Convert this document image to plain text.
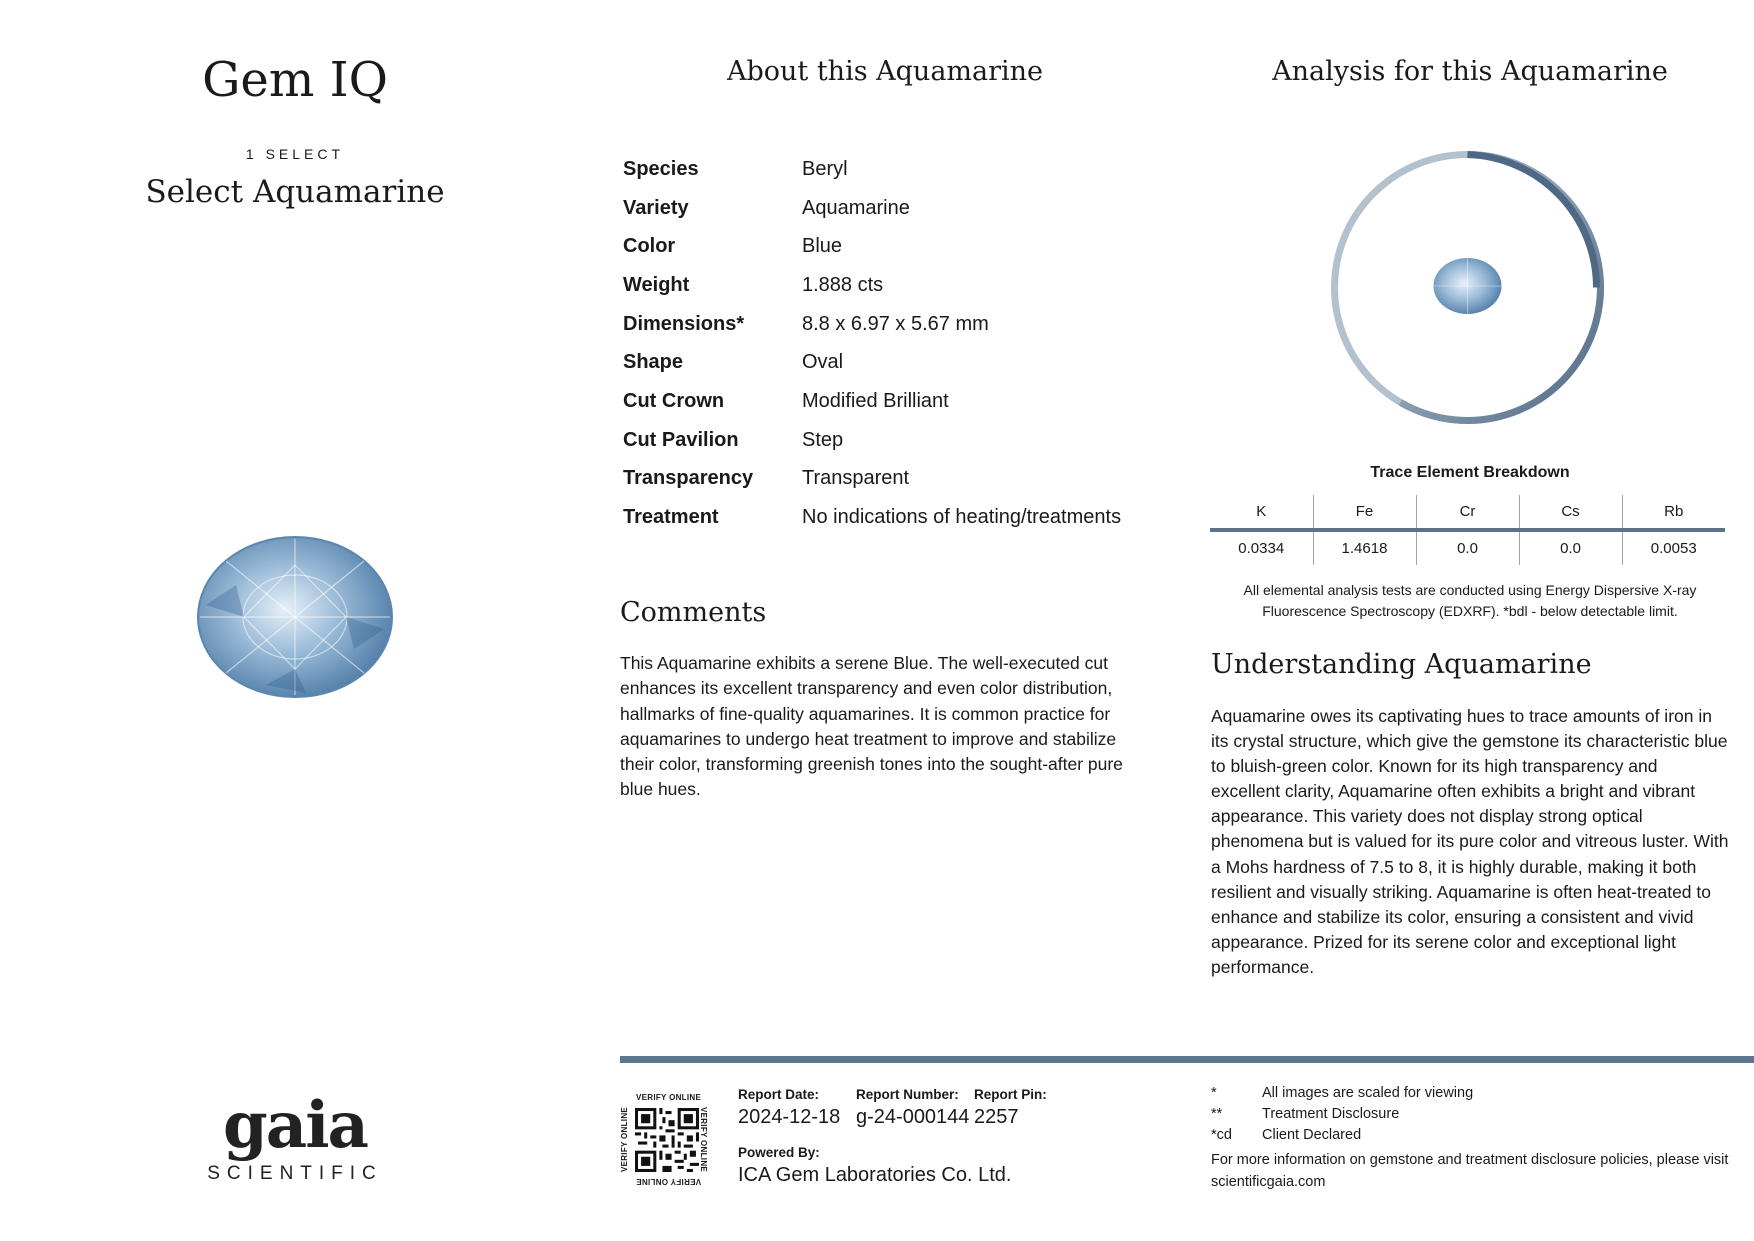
Gem IQ
1 SELECT
Select Aquamarine
gaia
SCIENTIFIC
About this Aquamarine
Species	Beryl
Variety	Aquamarine
Color	Blue
Weight	1.888 cts
Dimensions*	8.8 x 6.97 x 5.67 mm
Shape	Oval
Cut Crown	Modified Brilliant
Cut Pavilion	Step
Transparency	Transparent
Treatment	No indications of heating/treatments
Comments
This Aquamarine exhibits a serene Blue. The well-executed cut enhances its excellent transparency and even color distribution, hallmarks of fine-quality aquamarines. It is common practice for aquamarines to undergo heat treatment to improve and stabilize their color, transforming greenish tones into the sought-after pure blue hues.
Analysis for this Aquamarine
Trace Element Breakdown
K	Fe	Cr	Cs	Rb
0.0334	1.4618	0.0	0.0	0.0053
All elemental analysis tests are conducted using Energy Dispersive X-ray Fluorescence Spectroscopy (EDXRF). *bdl - below detectable limit.
Understanding Aquamarine
Aquamarine owes its captivating hues to trace amounts of iron in its crystal structure, which give the gemstone its characteristic blue to bluish-green color. Known for its high transparency and excellent clarity, Aquamarine often exhibits a bright and vibrant appearance. This variety does not display strong optical phenomena but is valued for its pure color and vitreous luster. With a Mohs hardness of 7.5 to 8, it is highly durable, making it both resilient and visually striking. Aquamarine is often heat-treated to enhance and stabilize its color, ensuring a consistent and vivid appearance. Prized for its serene color and exceptional light performance.
VERIFY ONLINE
VERIFY ONLINE
VERIFY ONLINE	VERIFY ONLINE
Report Date:
2024-12-18
Report Number:
g-24-000144
Report Pin:
2257
Powered By:
ICA Gem Laboratories Co. Ltd.
*	All images are scaled for viewing
**	Treatment Disclosure
*cd	Client Declared
For more information on gemstone and treatment disclosure policies, please visit scientificgaia.com
